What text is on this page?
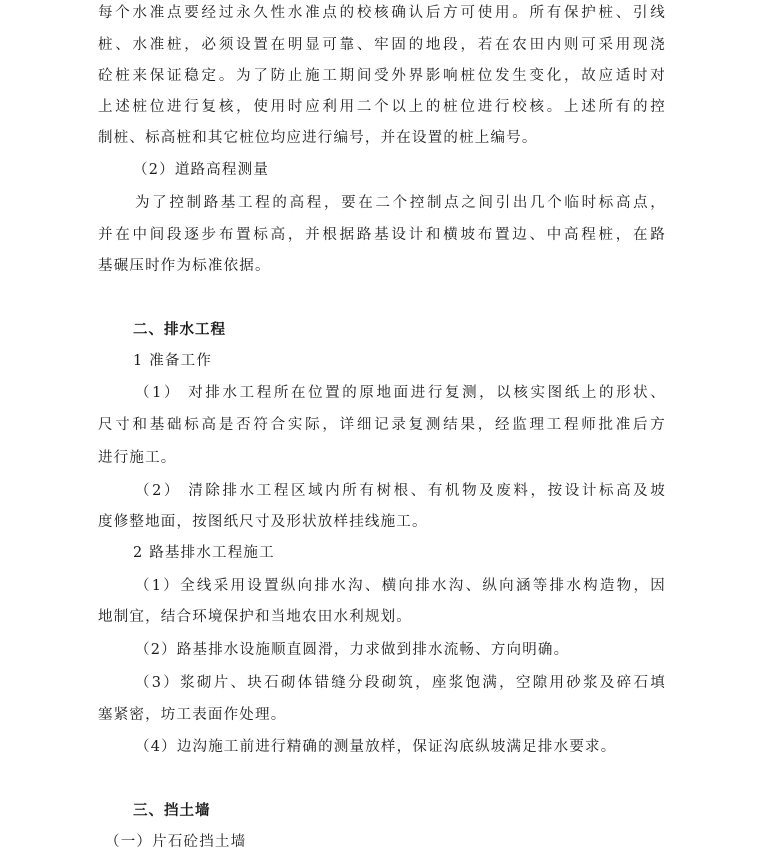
每个水准点要经过永久性水准点的校核确认后方可使用。所有保护桩、引线
桩、水准桩，必须设置在明显可靠、牢固的地段，若在农田内则可采用现浇
砼桩来保证稳定。为了防止施工期间受外界影响桩位发生变化，故应适时对
上述桩位进行复核，使用时应利用二个以上的桩位进行校核。上述所有的控
制桩、标高桩和其它桩位均应进行编号，并在设置的桩上编号。
（2）道路高程测量
为了控制路基工程的高程，要在二个控制点之间引出几个临时标高点，
并在中间段逐步布置标高，并根据路基设计和横坡布置边、中高程桩，在路
基碾压时作为标准依据。
二、排水工程
1 准备工作
（1） 对排水工程所在位置的原地面进行复测，以核实图纸上的形状、
尺寸和基础标高是否符合实际，详细记录复测结果，经监理工程师批准后方
进行施工。
（2） 清除排水工程区域内所有树根、有机物及废料，按设计标高及坡
度修整地面，按图纸尺寸及形状放样挂线施工。
2 路基排水工程施工
（1）全线采用设置纵向排水沟、横向排水沟、纵向涵等排水构造物，因
地制宜，结合环境保护和当地农田水利规划。
（2）路基排水设施顺直圆滑，力求做到排水流畅、方向明确。
（3）浆砌片、块石砌体错缝分段砌筑，座浆饱满，空隙用砂浆及碎石填
塞紧密，坊工表面作处理。
（4）边沟施工前进行精确的测量放样，保证沟底纵坡满足排水要求。
三、挡土墙
（一）片石砼挡土墙
